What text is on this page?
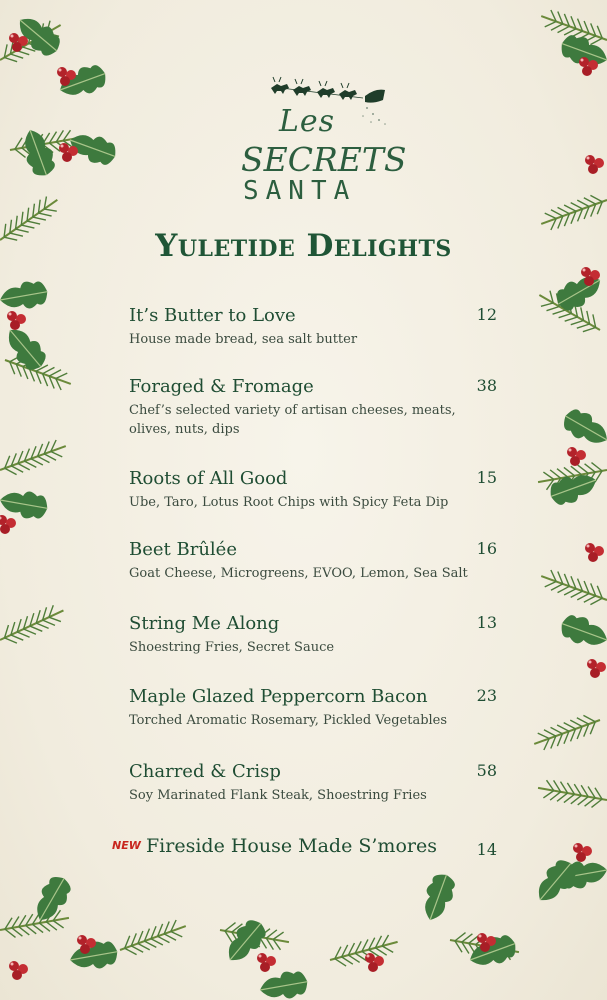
Les
SECRETS
SANTA
Yuletide Delights
It’s Butter to Love	12
House made bread, sea salt butter
Foraged & Fromage	38
Chef’s selected variety of artisan cheeses, meats, olives, nuts, dips
Roots of All Good	15
Ube, Taro, Lotus Root Chips with Spicy Feta Dip
Beet Brûlée	16
Goat Cheese, Microgreens, EVOO, Lemon, Sea Salt
String Me Along	13
Shoestring Fries, Secret Sauce
Maple Glazed Peppercorn Bacon	23
Torched Aromatic Rosemary, Pickled Vegetables
Charred & Crisp	58
Soy Marinated Flank Steak, Shoestring Fries
NEW Fireside House Made S’mores	14
